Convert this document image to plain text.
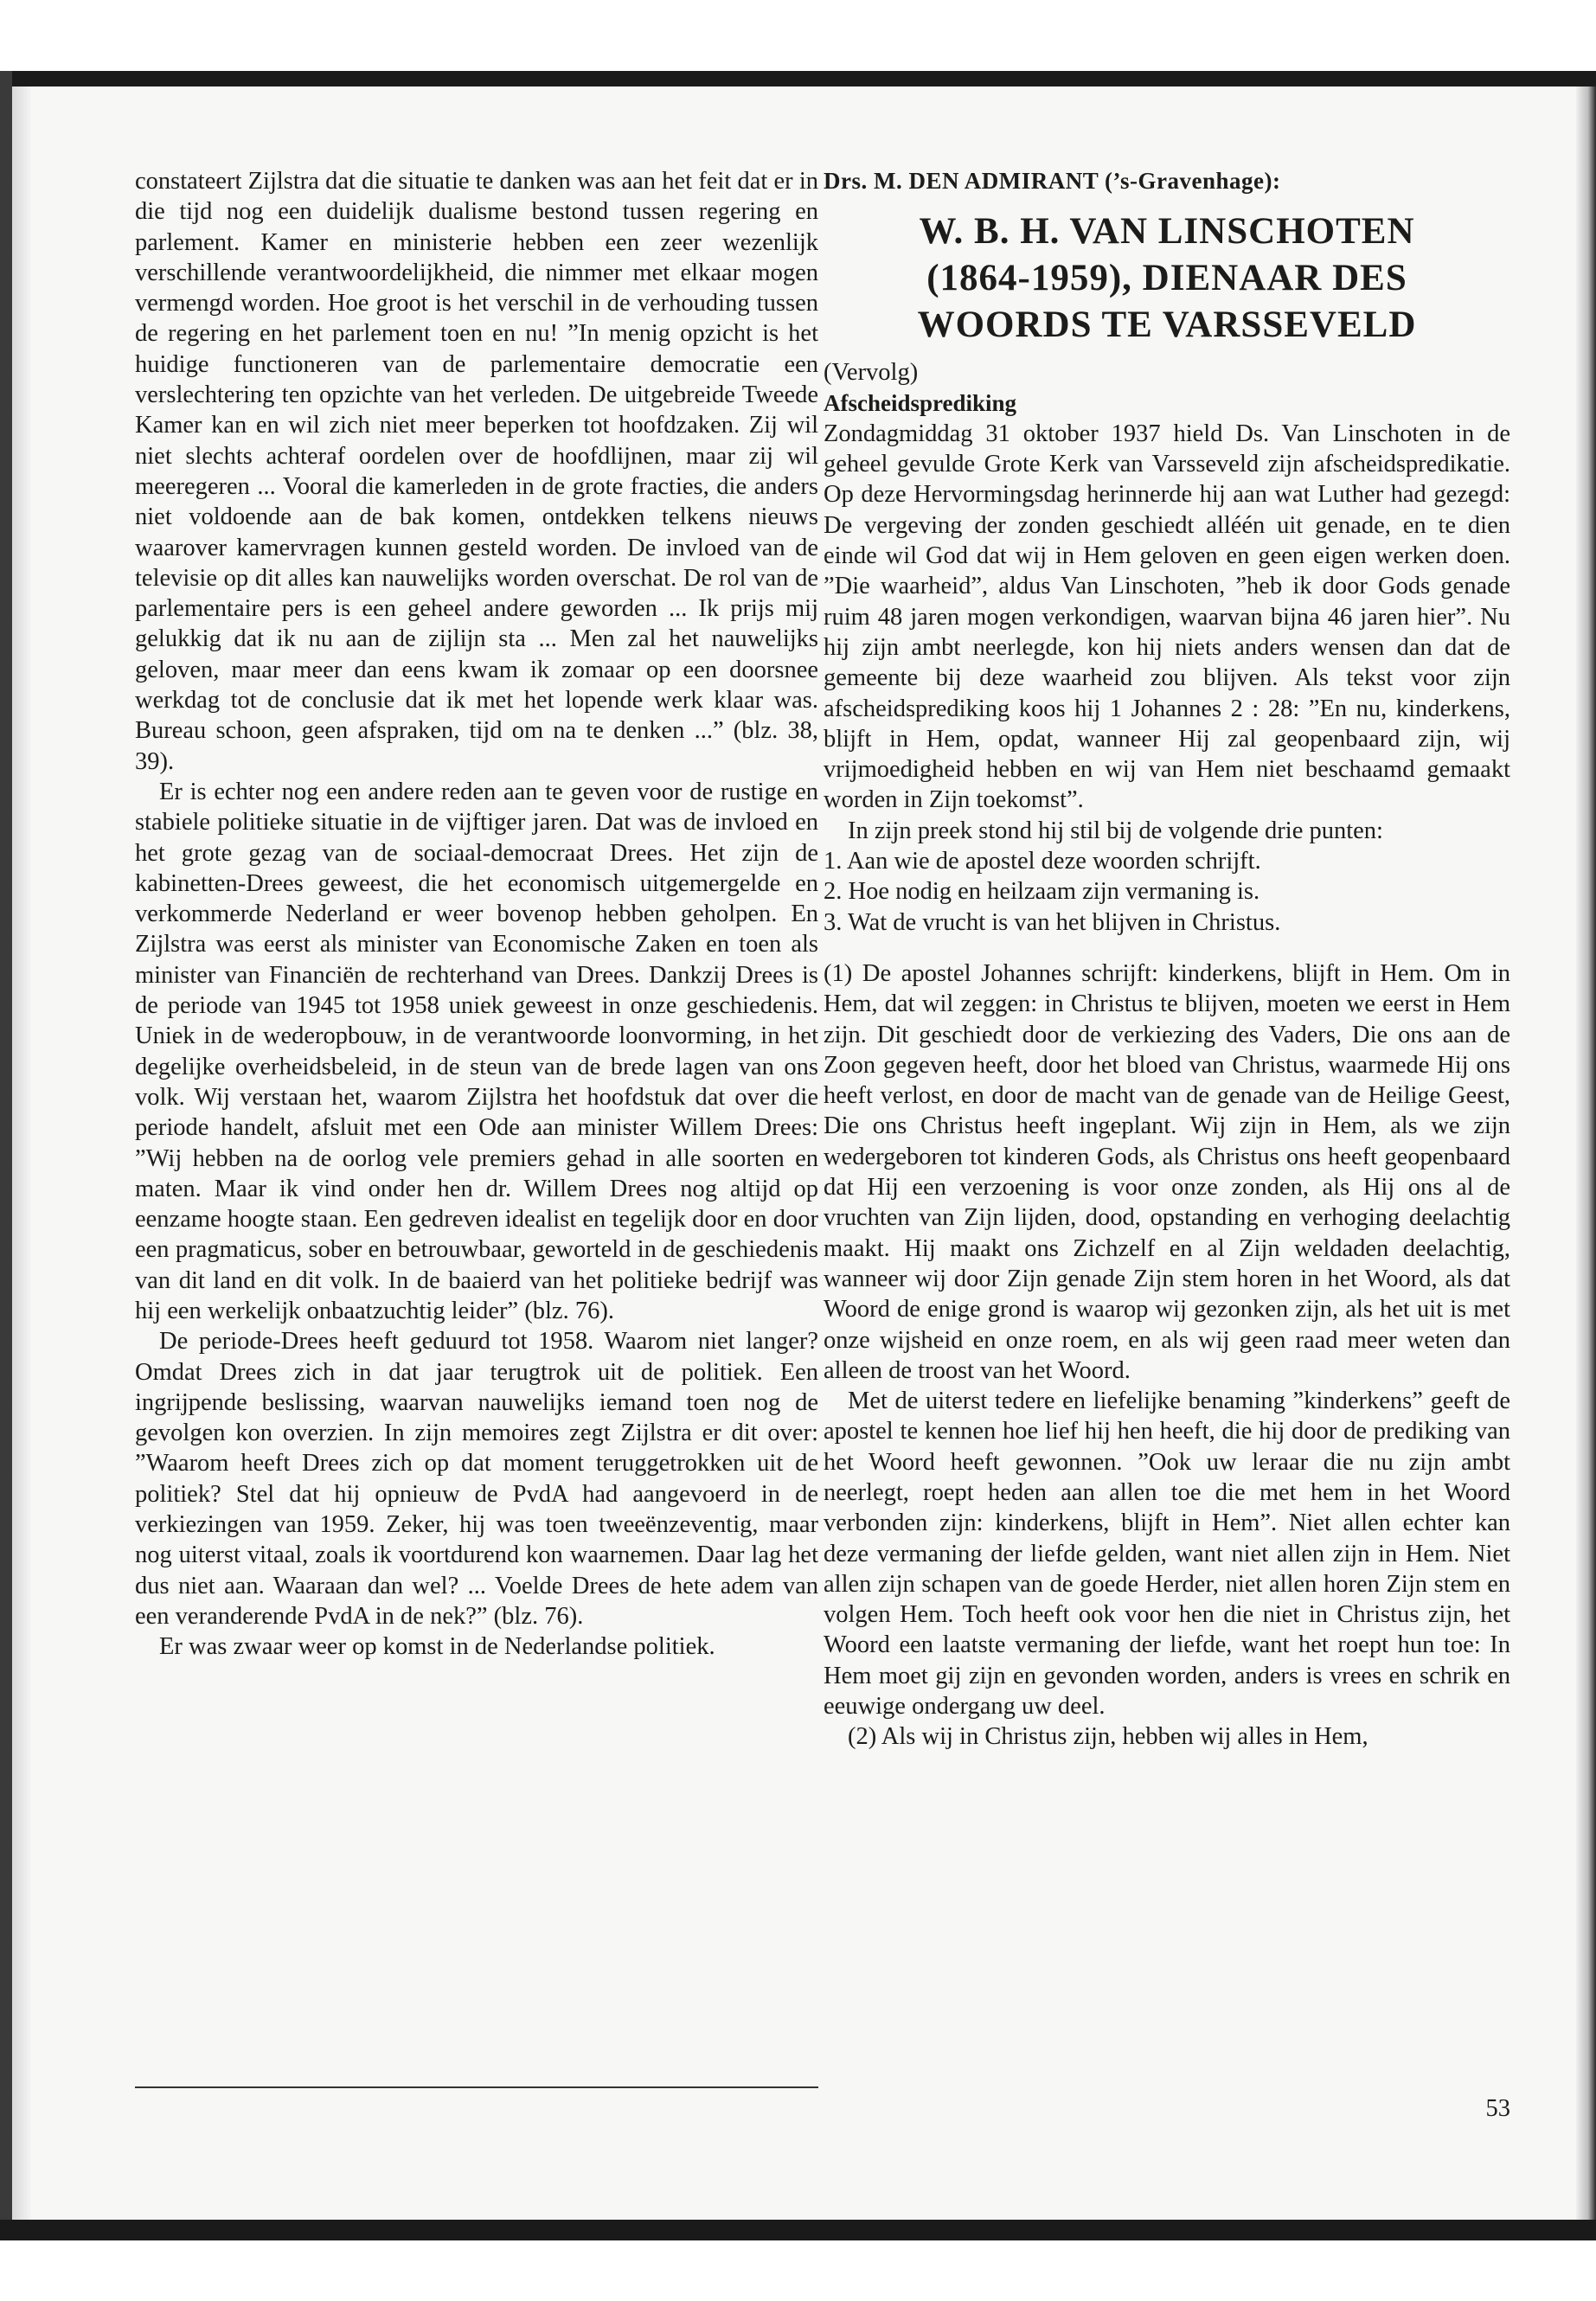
constateert Zijlstra dat die situatie te danken was aan het feit dat er in die tijd nog een duidelijk dualisme bestond tussen regering en parlement. Kamer en ministerie hebben een zeer wezenlijk verschillende verantwoordelijkheid, die nimmer met elkaar mogen vermengd worden. Hoe groot is het verschil in de verhouding tussen de regering en het parlement toen en nu! ”In menig opzicht is het huidige functioneren van de parlementaire democratie een verslechtering ten opzichte van het verleden. De uitgebreide Tweede Kamer kan en wil zich niet meer beperken tot hoofdzaken. Zij wil niet slechts achteraf oordelen over de hoofdlijnen, maar zij wil meeregeren ... Vooral die kamerleden in de grote fracties, die anders niet voldoende aan de bak komen, ontdekken telkens nieuws waarover kamervragen kunnen gesteld worden. De invloed van de televisie op dit alles kan nauwelijks worden overschat. De rol van de parlementaire pers is een geheel andere geworden ... Ik prijs mij gelukkig dat ik nu aan de zijlijn sta ... Men zal het nauwelijks geloven, maar meer dan eens kwam ik zomaar op een doorsnee werkdag tot de conclusie dat ik met het lopende werk klaar was. Bureau schoon, geen afspraken, tijd om na te denken ...” (blz. 38, 39).

Er is echter nog een andere reden aan te geven voor de rustige en stabiele politieke situatie in de vijftiger jaren. Dat was de invloed en het grote gezag van de sociaal-democraat Drees. Het zijn de kabinetten-Drees geweest, die het economisch uitgemergelde en verkommerde Nederland er weer bovenop hebben geholpen. En Zijlstra was eerst als minister van Economische Zaken en toen als minister van Financiën de rechterhand van Drees. Dankzij Drees is de periode van 1945 tot 1958 uniek geweest in onze geschiedenis. Uniek in de wederopbouw, in de verantwoorde loonvorming, in het degelijke overheidsbeleid, in de steun van de brede lagen van ons volk. Wij verstaan het, waarom Zijlstra het hoofdstuk dat over die periode handelt, afsluit met een Ode aan minister Willem Drees: ”Wij hebben na de oorlog vele premiers gehad in alle soorten en maten. Maar ik vind onder hen dr. Willem Drees nog altijd op eenzame hoogte staan. Een gedreven idealist en tegelijk door en door een pragmaticus, sober en betrouwbaar, geworteld in de geschiedenis van dit land en dit volk. In de baaierd van het politieke bedrijf was hij een werkelijk onbaatzuchtig leider” (blz. 76).

De periode-Drees heeft geduurd tot 1958. Waarom niet langer? Omdat Drees zich in dat jaar terugtrok uit de politiek. Een ingrijpende beslissing, waarvan nauwelijks iemand toen nog de gevolgen kon overzien. In zijn memoires zegt Zijlstra er dit over: ”Waarom heeft Drees zich op dat moment teruggetrokken uit de politiek? Stel dat hij opnieuw de PvdA had aangevoerd in de verkiezingen van 1959. Zeker, hij was toen tweeënzeventig, maar nog uiterst vitaal, zoals ik voortdurend kon waarnemen. Daar lag het dus niet aan. Waaraan dan wel? ... Voelde Drees de hete adem van een veranderende PvdA in de nek?” (blz. 76).

Er was zwaar weer op komst in de Nederlandse politiek.

Drs. M. DEN ADMIRANT (’s-Gravenhage):

W. B. H. VAN LINSCHOTEN
(1864-1959), DIENAAR DES
WOORDS TE VARSSEVELD

(Vervolg)

Afscheidsprediking

Zondagmiddag 31 oktober 1937 hield Ds. Van Linschoten in de geheel gevulde Grote Kerk van Varsseveld zijn afscheidspredikatie. Op deze Hervormingsdag herinnerde hij aan wat Luther had gezegd: De vergeving der zonden geschiedt alléén uit genade, en te dien einde wil God dat wij in Hem geloven en geen eigen werken doen. ”Die waarheid”, aldus Van Linschoten, ”heb ik door Gods genade ruim 48 jaren mogen verkondigen, waarvan bijna 46 jaren hier”. Nu hij zijn ambt neerlegde, kon hij niets anders wensen dan dat de gemeente bij deze waarheid zou blijven. Als tekst voor zijn afscheidsprediking koos hij 1 Johannes 2 : 28: ”En nu, kinderkens, blijft in Hem, opdat, wanneer Hij zal geopenbaard zijn, wij vrijmoedigheid hebben en wij van Hem niet beschaamd gemaakt worden in Zijn toekomst”.

In zijn preek stond hij stil bij de volgende drie punten:

1. Aan wie de apostel deze woorden schrijft.
2. Hoe nodig en heilzaam zijn vermaning is.
3. Wat de vrucht is van het blijven in Christus.

(1) De apostel Johannes schrijft: kinderkens, blijft in Hem. Om in Hem, dat wil zeggen: in Christus te blijven, moeten we eerst in Hem zijn. Dit geschiedt door de verkiezing des Vaders, Die ons aan de Zoon gegeven heeft, door het bloed van Christus, waarmede Hij ons heeft verlost, en door de macht van de genade van de Heilige Geest, Die ons Christus heeft ingeplant. Wij zijn in Hem, als we zijn wedergeboren tot kinderen Gods, als Christus ons heeft geopenbaard dat Hij een verzoening is voor onze zonden, als Hij ons al de vruchten van Zijn lijden, dood, opstanding en verhoging deelachtig maakt. Hij maakt ons Zichzelf en al Zijn weldaden deelachtig, wanneer wij door Zijn genade Zijn stem horen in het Woord, als dat Woord de enige grond is waarop wij gezonken zijn, als het uit is met onze wijsheid en onze roem, en als wij geen raad meer weten dan alleen de troost van het Woord.

Met de uiterst tedere en liefelijke benaming ”kinderkens” geeft de apostel te kennen hoe lief hij hen heeft, die hij door de prediking van het Woord heeft gewonnen. ”Ook uw leraar die nu zijn ambt neerlegt, roept heden aan allen toe die met hem in het Woord verbonden zijn: kinderkens, blijft in Hem”. Niet allen echter kan deze vermaning der liefde gelden, want niet allen zijn in Hem. Niet allen zijn schapen van de goede Herder, niet allen horen Zijn stem en volgen Hem. Toch heeft ook voor hen die niet in Christus zijn, het Woord een laatste vermaning der liefde, want het roept hun toe: In Hem moet gij zijn en gevonden worden, anders is vrees en schrik en eeuwige ondergang uw deel.

(2) Als wij in Christus zijn, hebben wij alles in Hem,

53
